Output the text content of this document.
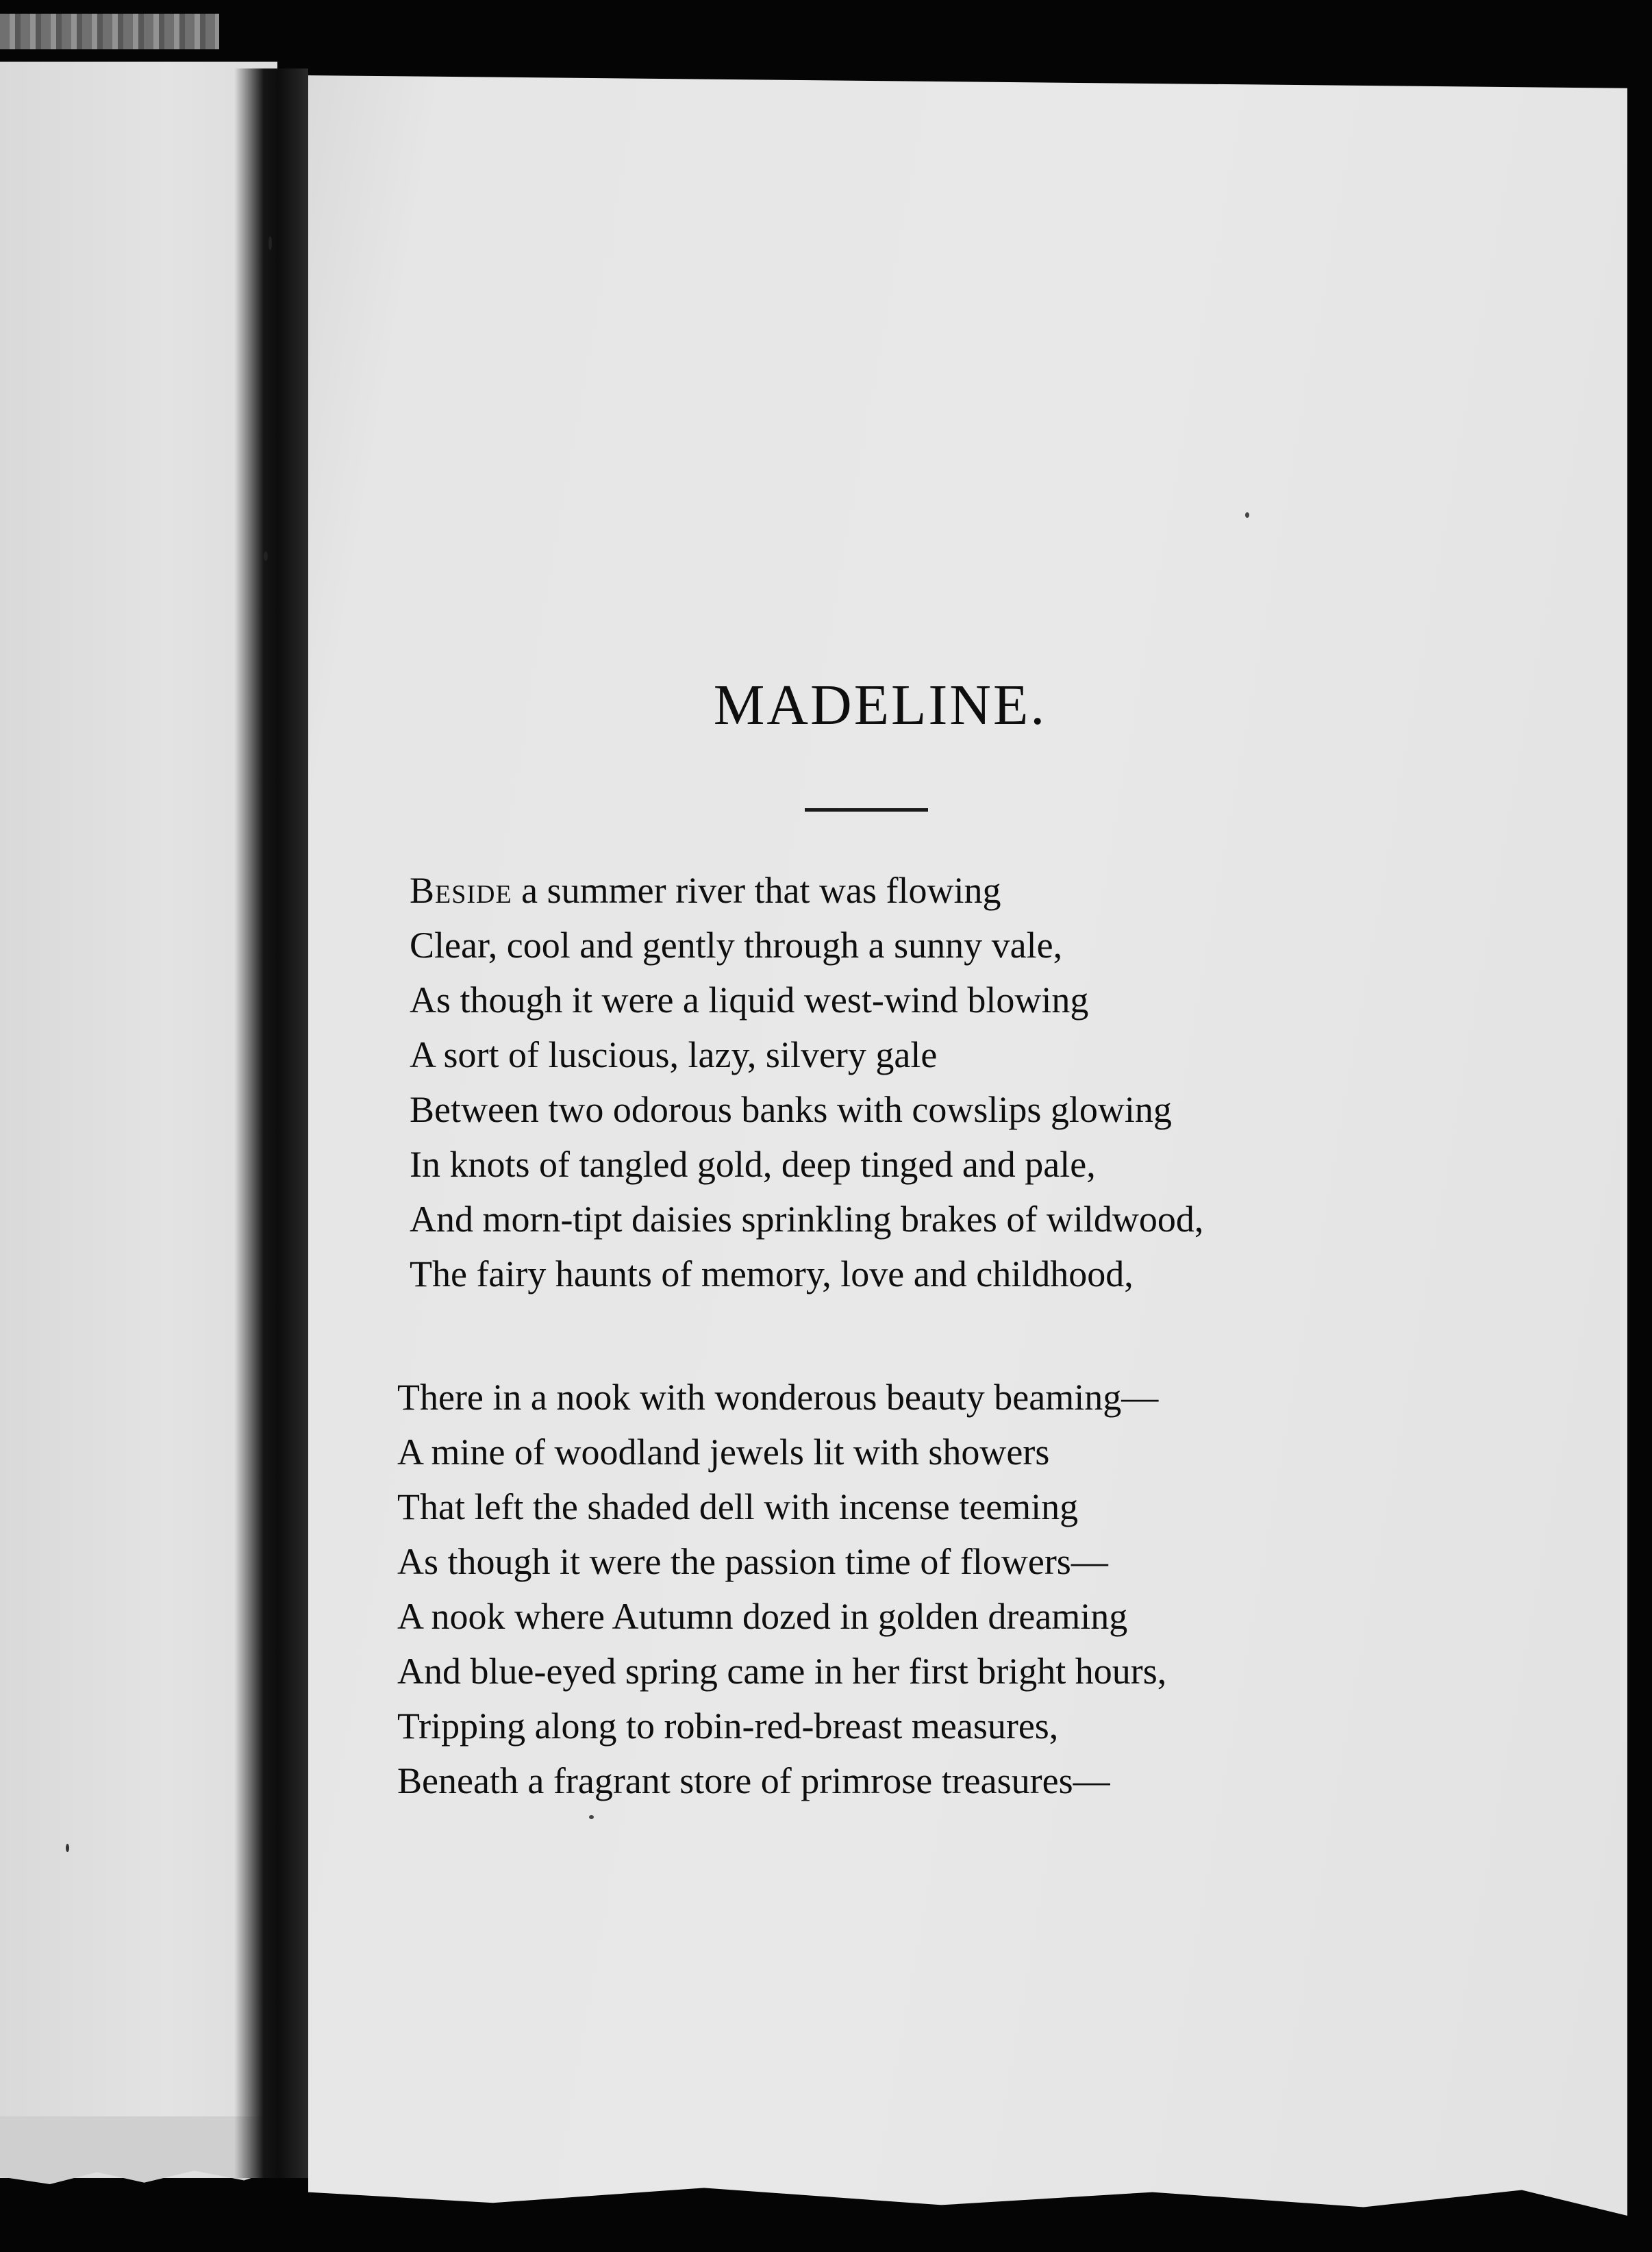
MADELINE.
Beside a summer river that was flowing
Clear, cool and gently through a sunny vale,
As though it were a liquid west-wind blowing
A sort of luscious, lazy, silvery gale
Between two odorous banks with cowslips glowing
In knots of tangled gold, deep tinged and pale,
And morn-tipt daisies sprinkling brakes of wildwood,
The fairy haunts of memory, love and childhood,
There in a nook with wonderous beauty beaming—
A mine of woodland jewels lit with showers
That left the shaded dell with incense teeming
As though it were the passion time of flowers—
A nook where Autumn dozed in golden dreaming
And blue-eyed spring came in her first bright hours,
Tripping along to robin-red-breast measures,
Beneath a fragrant store of primrose treasures—
